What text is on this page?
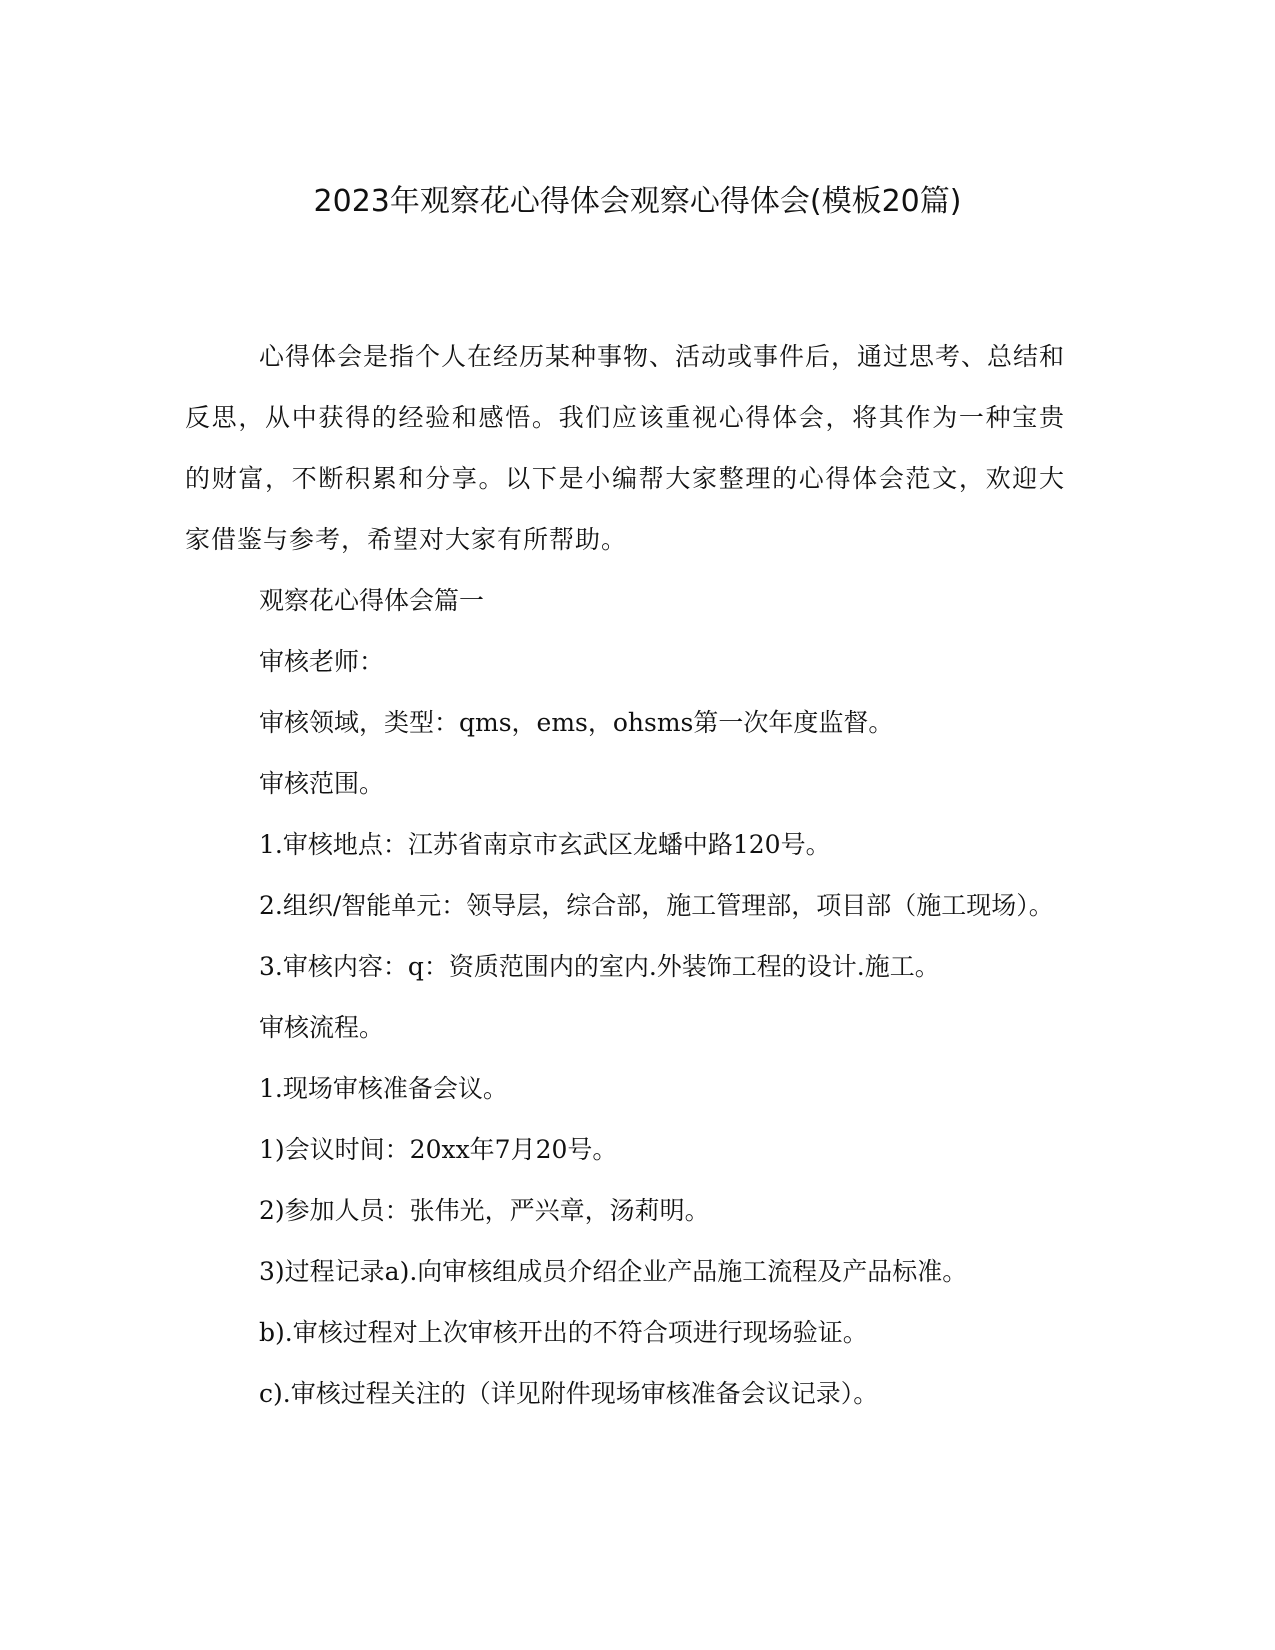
2023年观察花心得体会观察心得体会(模板20篇)

心得体会是指个人在经历某种事物、活动或事件后，通过思考、总结和反思，从中获得的经验和感悟。我们应该重视心得体会，将其作为一种宝贵的财富，不断积累和分享。以下是小编帮大家整理的心得体会范文，欢迎大家借鉴与参考，希望对大家有所帮助。

观察花心得体会篇一

审核老师：

审核领域，类型：qms，ems，ohsms第一次年度监督。

审核范围。

1.审核地点：江苏省南京市玄武区龙蟠中路120号。

2.组织/智能单元：领导层，综合部，施工管理部，项目部（施工现场）。

3.审核内容：q：资质范围内的室内.外装饰工程的设计.施工。

审核流程。

1.现场审核准备会议。

1)会议时间：20xx年7月20号。

2)参加人员：张伟光，严兴章，汤莉明。

3)过程记录a).向审核组成员介绍企业产品施工流程及产品标准。

b).审核过程对上次审核开出的不符合项进行现场验证。

c).审核过程关注的（详见附件现场审核准备会议记录）。
